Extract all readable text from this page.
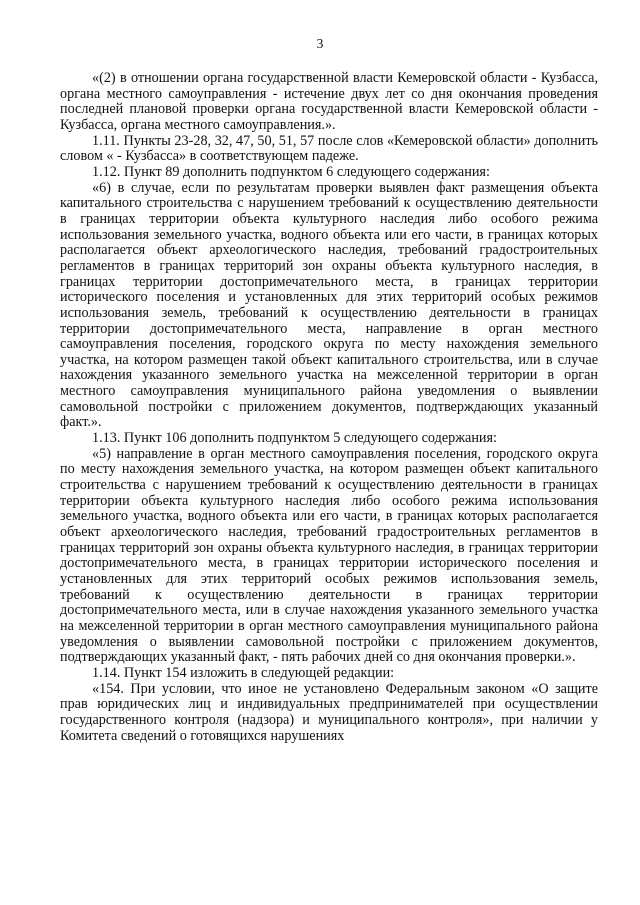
3

«(2) в отношении органа государственной власти Кемеровской области - Кузбасса, органа местного самоуправления - истечение двух лет со дня окончания проведения последней плановой проверки органа государственной власти Кемеровской области - Кузбасса, органа местного самоуправления.».

1.11. Пункты 23-28, 32, 47, 50, 51, 57 после слов «Кемеровской области» дополнить словом « - Кузбасса» в соответствующем падеже.

1.12. Пункт 89 дополнить подпунктом 6 следующего содержания:

«6) в случае, если по результатам проверки выявлен факт размещения объекта капитального строительства с нарушением требований к осуществлению деятельности в границах территории объекта культурного наследия либо особого режима использования земельного участка, водного объекта или его части, в границах которых располагается объект археологического наследия, требований градостроительных регламентов в границах территорий зон охраны объекта культурного наследия, в границах территории достопримечательного места, в границах территории исторического поселения и установленных для этих территорий особых режимов использования земель, требований к осуществлению деятельности в границах территории достопримечательного места, направление в орган местного самоуправления поселения, городского округа по месту нахождения земельного участка, на котором размещен такой объект капитального строительства, или в случае нахождения указанного земельного участка на межселенной территории в орган местного самоуправления муниципального района уведомления о выявлении самовольной постройки с приложением документов, подтверждающих указанный факт.».

1.13. Пункт 106 дополнить подпунктом 5 следующего содержания:

«5) направление в орган местного самоуправления поселения, городского округа по месту нахождения земельного участка, на котором размещен объект капитального строительства с нарушением требований к осуществлению деятельности в границах территории объекта культурного наследия либо особого режима использования земельного участка, водного объекта или его части, в границах которых располагается объект археологического наследия, требований градостроительных регламентов в границах территорий зон охраны объекта культурного наследия, в границах территории достопримечательного места, в границах территории исторического поселения и установленных для этих территорий особых режимов использования земель, требований к осуществлению деятельности в границах территории достопримечательного места, или в случае нахождения указанного земельного участка на межселенной территории в орган местного самоуправления муниципального района уведомления о выявлении самовольной постройки с приложением документов, подтверждающих указанный факт, - пять рабочих дней со дня окончания проверки.».

1.14. Пункт 154 изложить в следующей редакции:

«154. При условии, что иное не установлено Федеральным законом «О защите прав юридических лиц и индивидуальных предпринимателей при осуществлении государственного контроля (надзора) и муниципального контроля», при наличии у Комитета сведений о готовящихся нарушениях
